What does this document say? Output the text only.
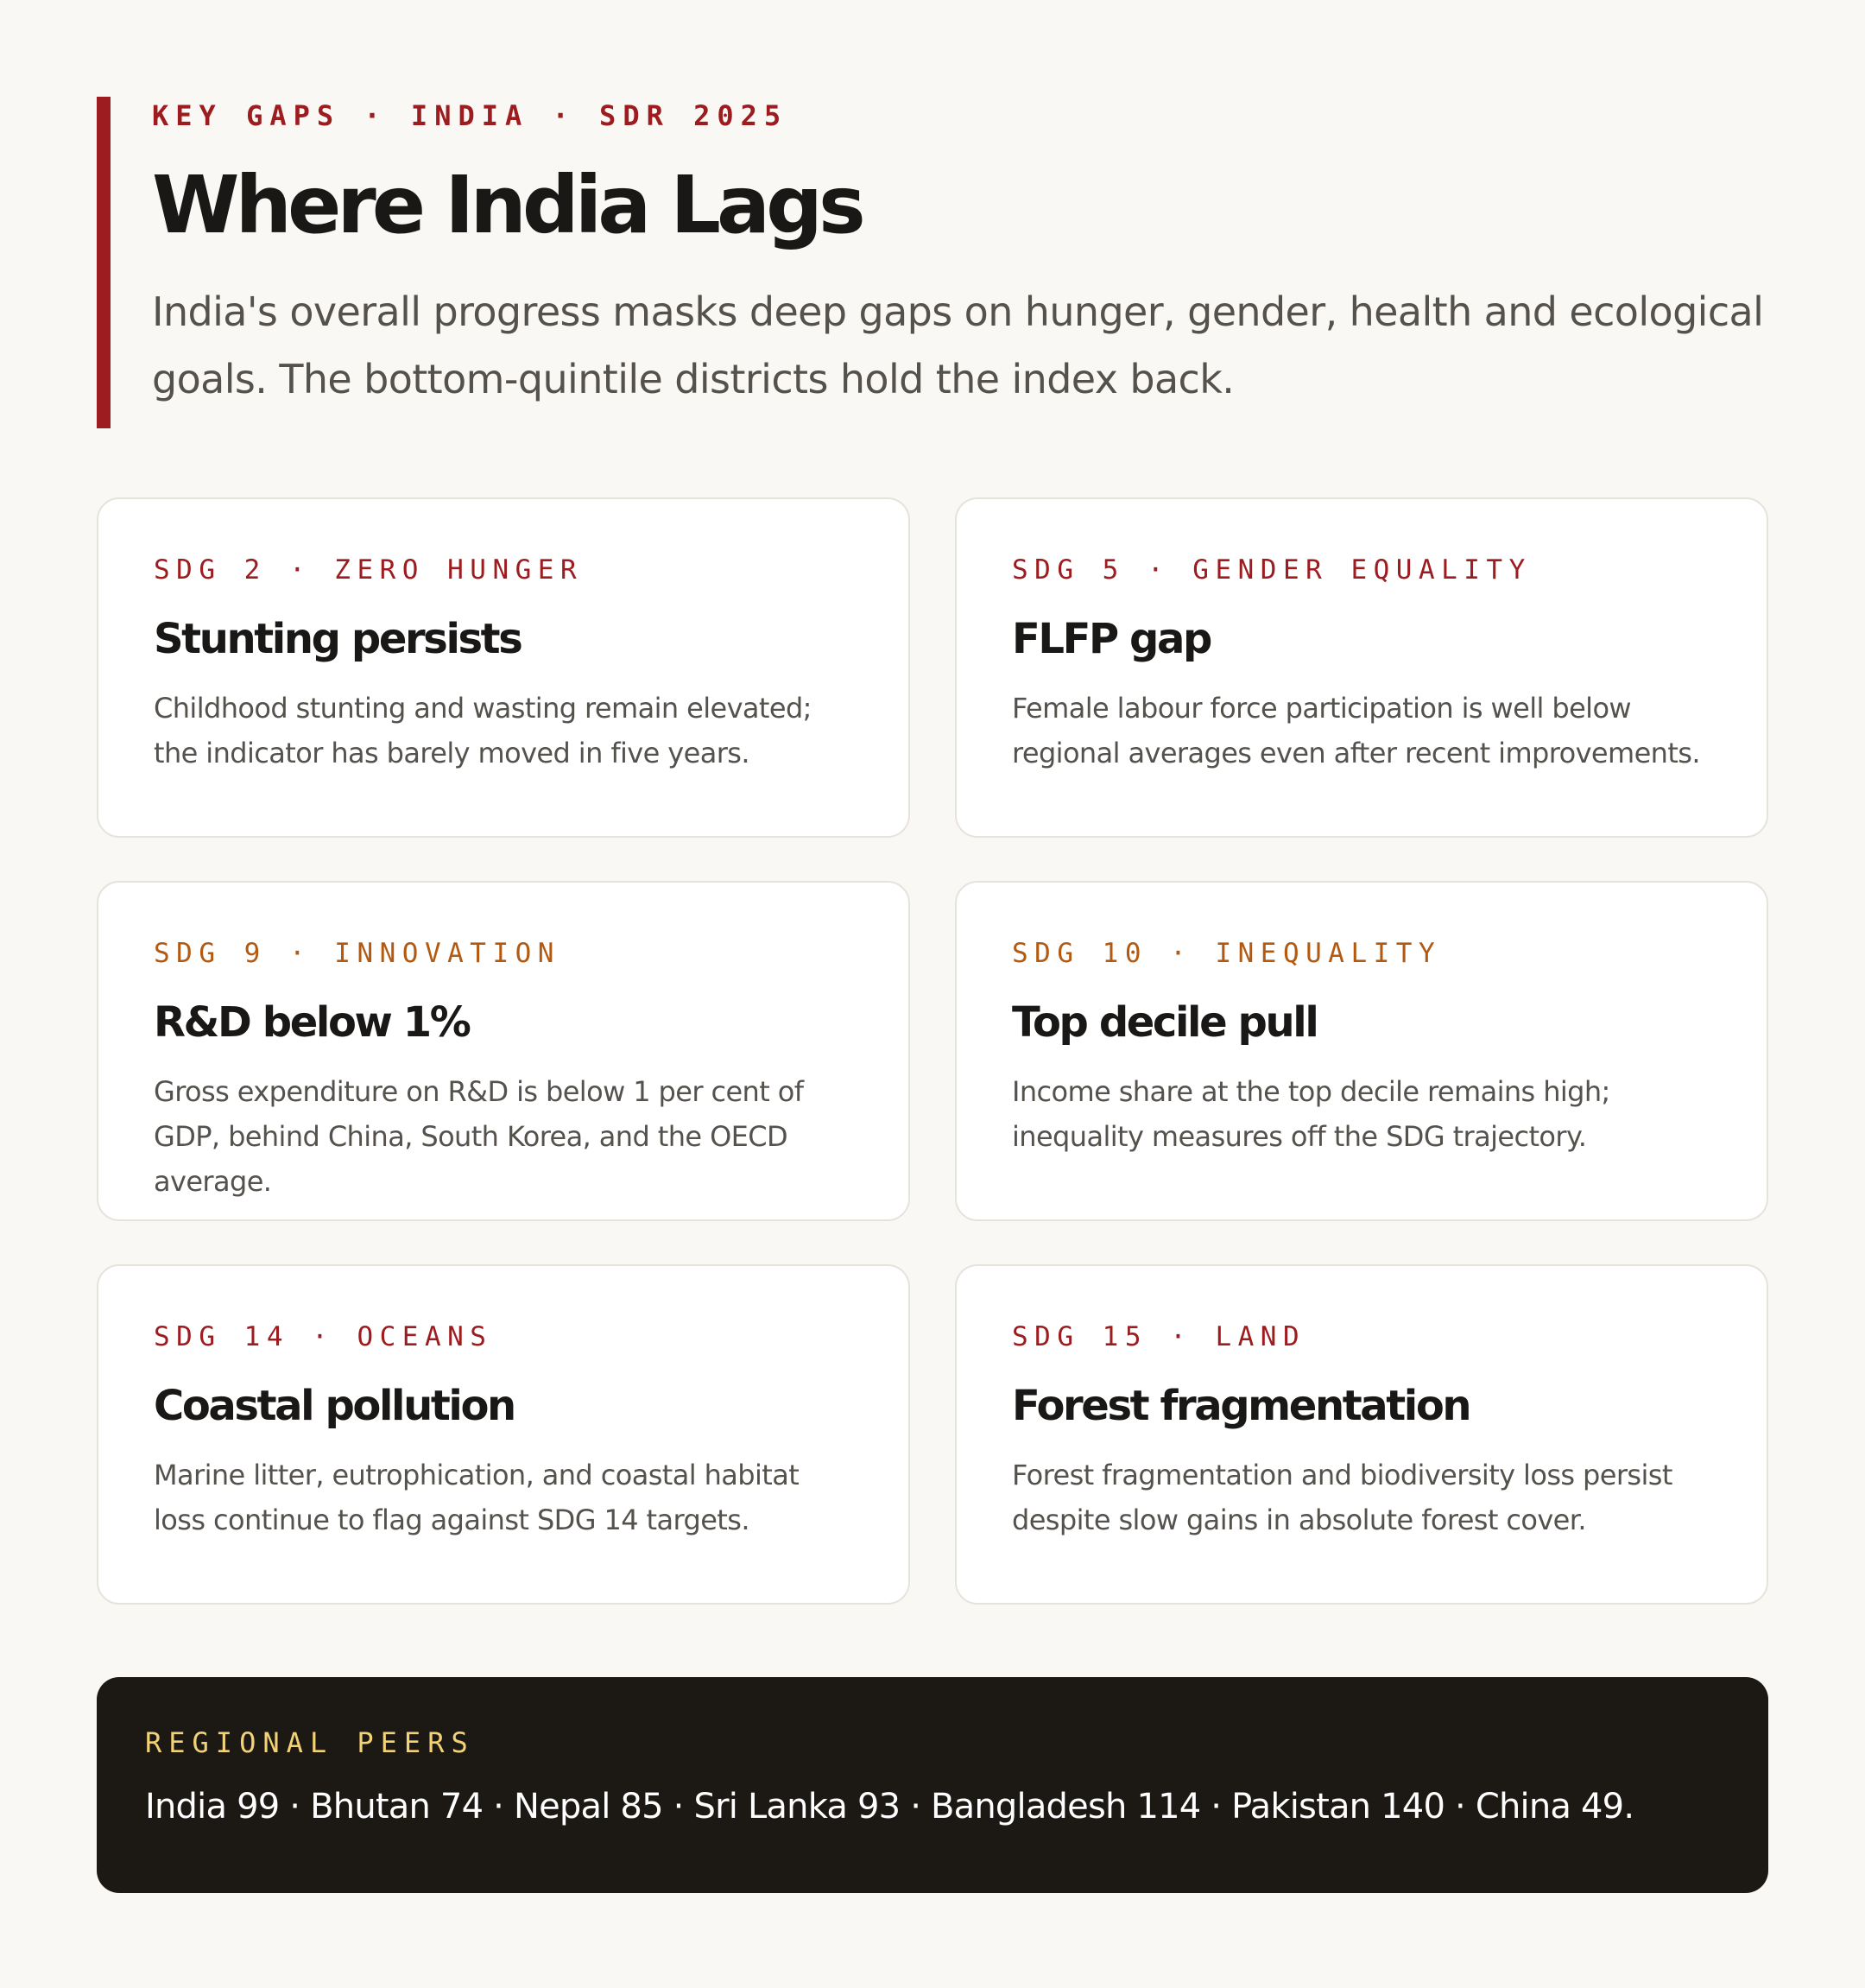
KEY GAPS · INDIA · SDR 2025
Where India Lags
India's overall progress masks deep gaps on hunger, gender, health and ecological goals. The bottom-quintile districts hold the index back.
SDG 2 · ZERO HUNGER
Stunting persists
Childhood stunting and wasting remain elevated; the indicator has barely moved in five years.
SDG 5 · GENDER EQUALITY
FLFP gap
Female labour force participation is well below regional averages even after recent improvements.
SDG 9 · INNOVATION
R&D below 1%
Gross expenditure on R&D is below 1 per cent of GDP, behind China, South Korea, and the OECD average.
SDG 10 · INEQUALITY
Top decile pull
Income share at the top decile remains high; inequality measures off the SDG trajectory.
SDG 14 · OCEANS
Coastal pollution
Marine litter, eutrophication, and coastal habitat loss continue to flag against SDG 14 targets.
SDG 15 · LAND
Forest fragmentation
Forest fragmentation and biodiversity loss persist despite slow gains in absolute forest cover.
REGIONAL PEERS
India 99 · Bhutan 74 · Nepal 85 · Sri Lanka 93 · Bangladesh 114 · Pakistan 140 · China 49.
